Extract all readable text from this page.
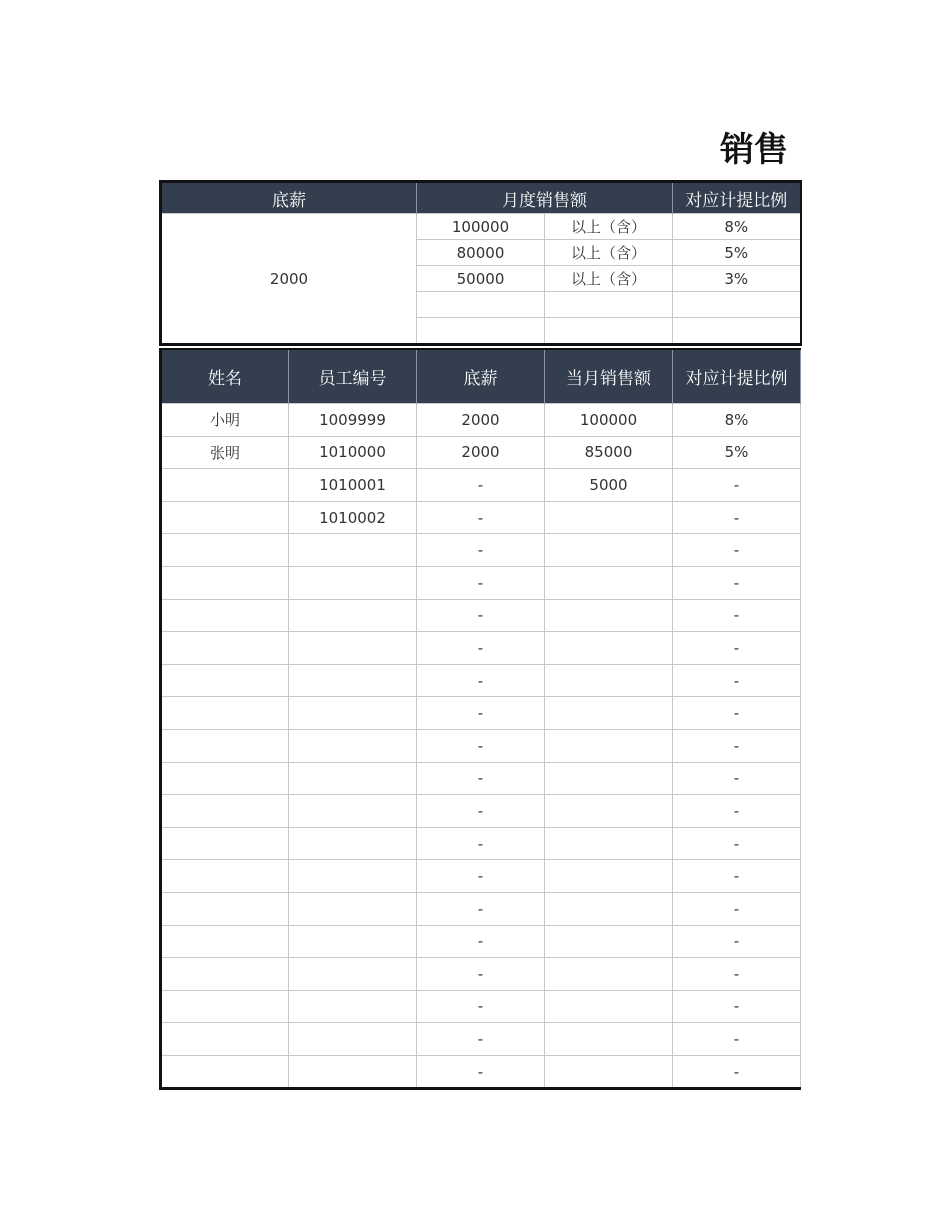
销售
底薪	月度销售额		对应计提比例
2000	100000	以上（含）	8%
	80000	以上（含）	5%
	50000	以上（含）	3%

姓名	员工编号	底薪	当月销售额	对应计提比例
小明	1009999	2000	100000	8%
张明	1010000	2000	85000	5%
	1010001	-	5000	-
	1010002	-		-
		-		-
		-		-
		-		-
		-		-
		-		-
		-		-
		-		-
		-		-
		-		-
		-		-
		-		-
		-		-
		-		-
		-		-
		-		-
		-		-
		-		-
